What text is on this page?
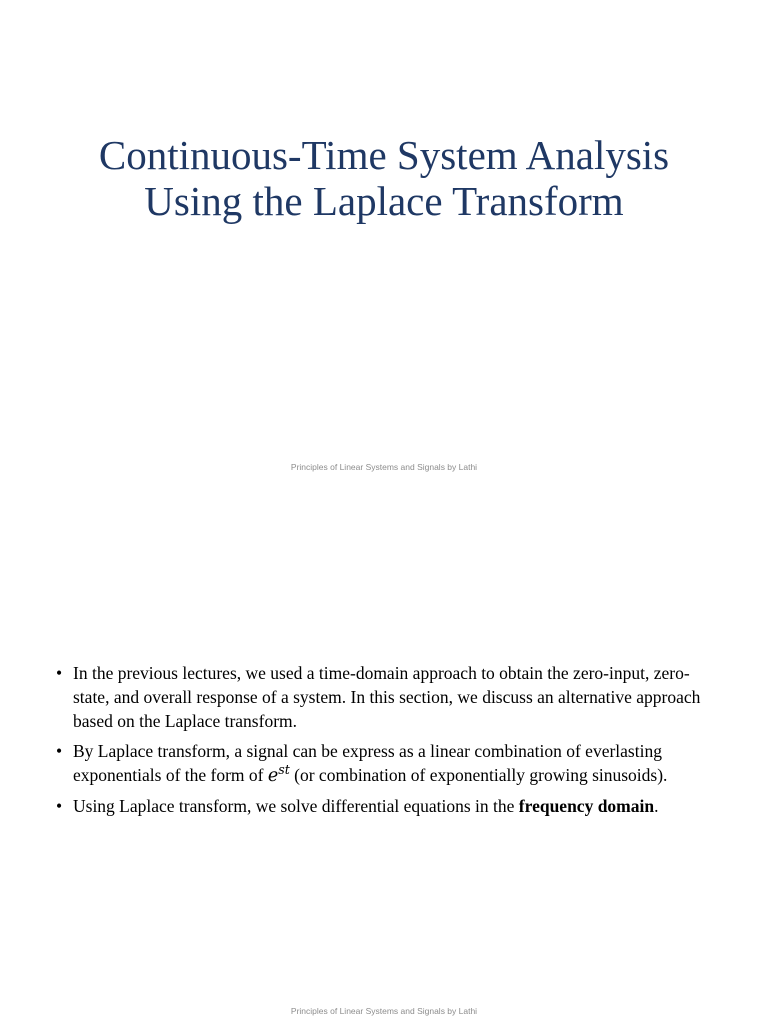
Continuous-Time System Analysis Using the Laplace Transform
Principles of Linear Systems and Signals by Lathi
• In the previous lectures, we used a time-domain approach to obtain the zero-input, zero-state, and overall response of a system. In this section, we discuss an alternative approach based on the Laplace transform.
• By Laplace transform, a signal can be express as a linear combination of everlasting exponentials of the form of $e^{st}$ (or combination of exponentially growing sinusoids).
• Using Laplace transform, we solve differential equations in the frequency domain.
Principles of Linear Systems and Signals by Lathi
